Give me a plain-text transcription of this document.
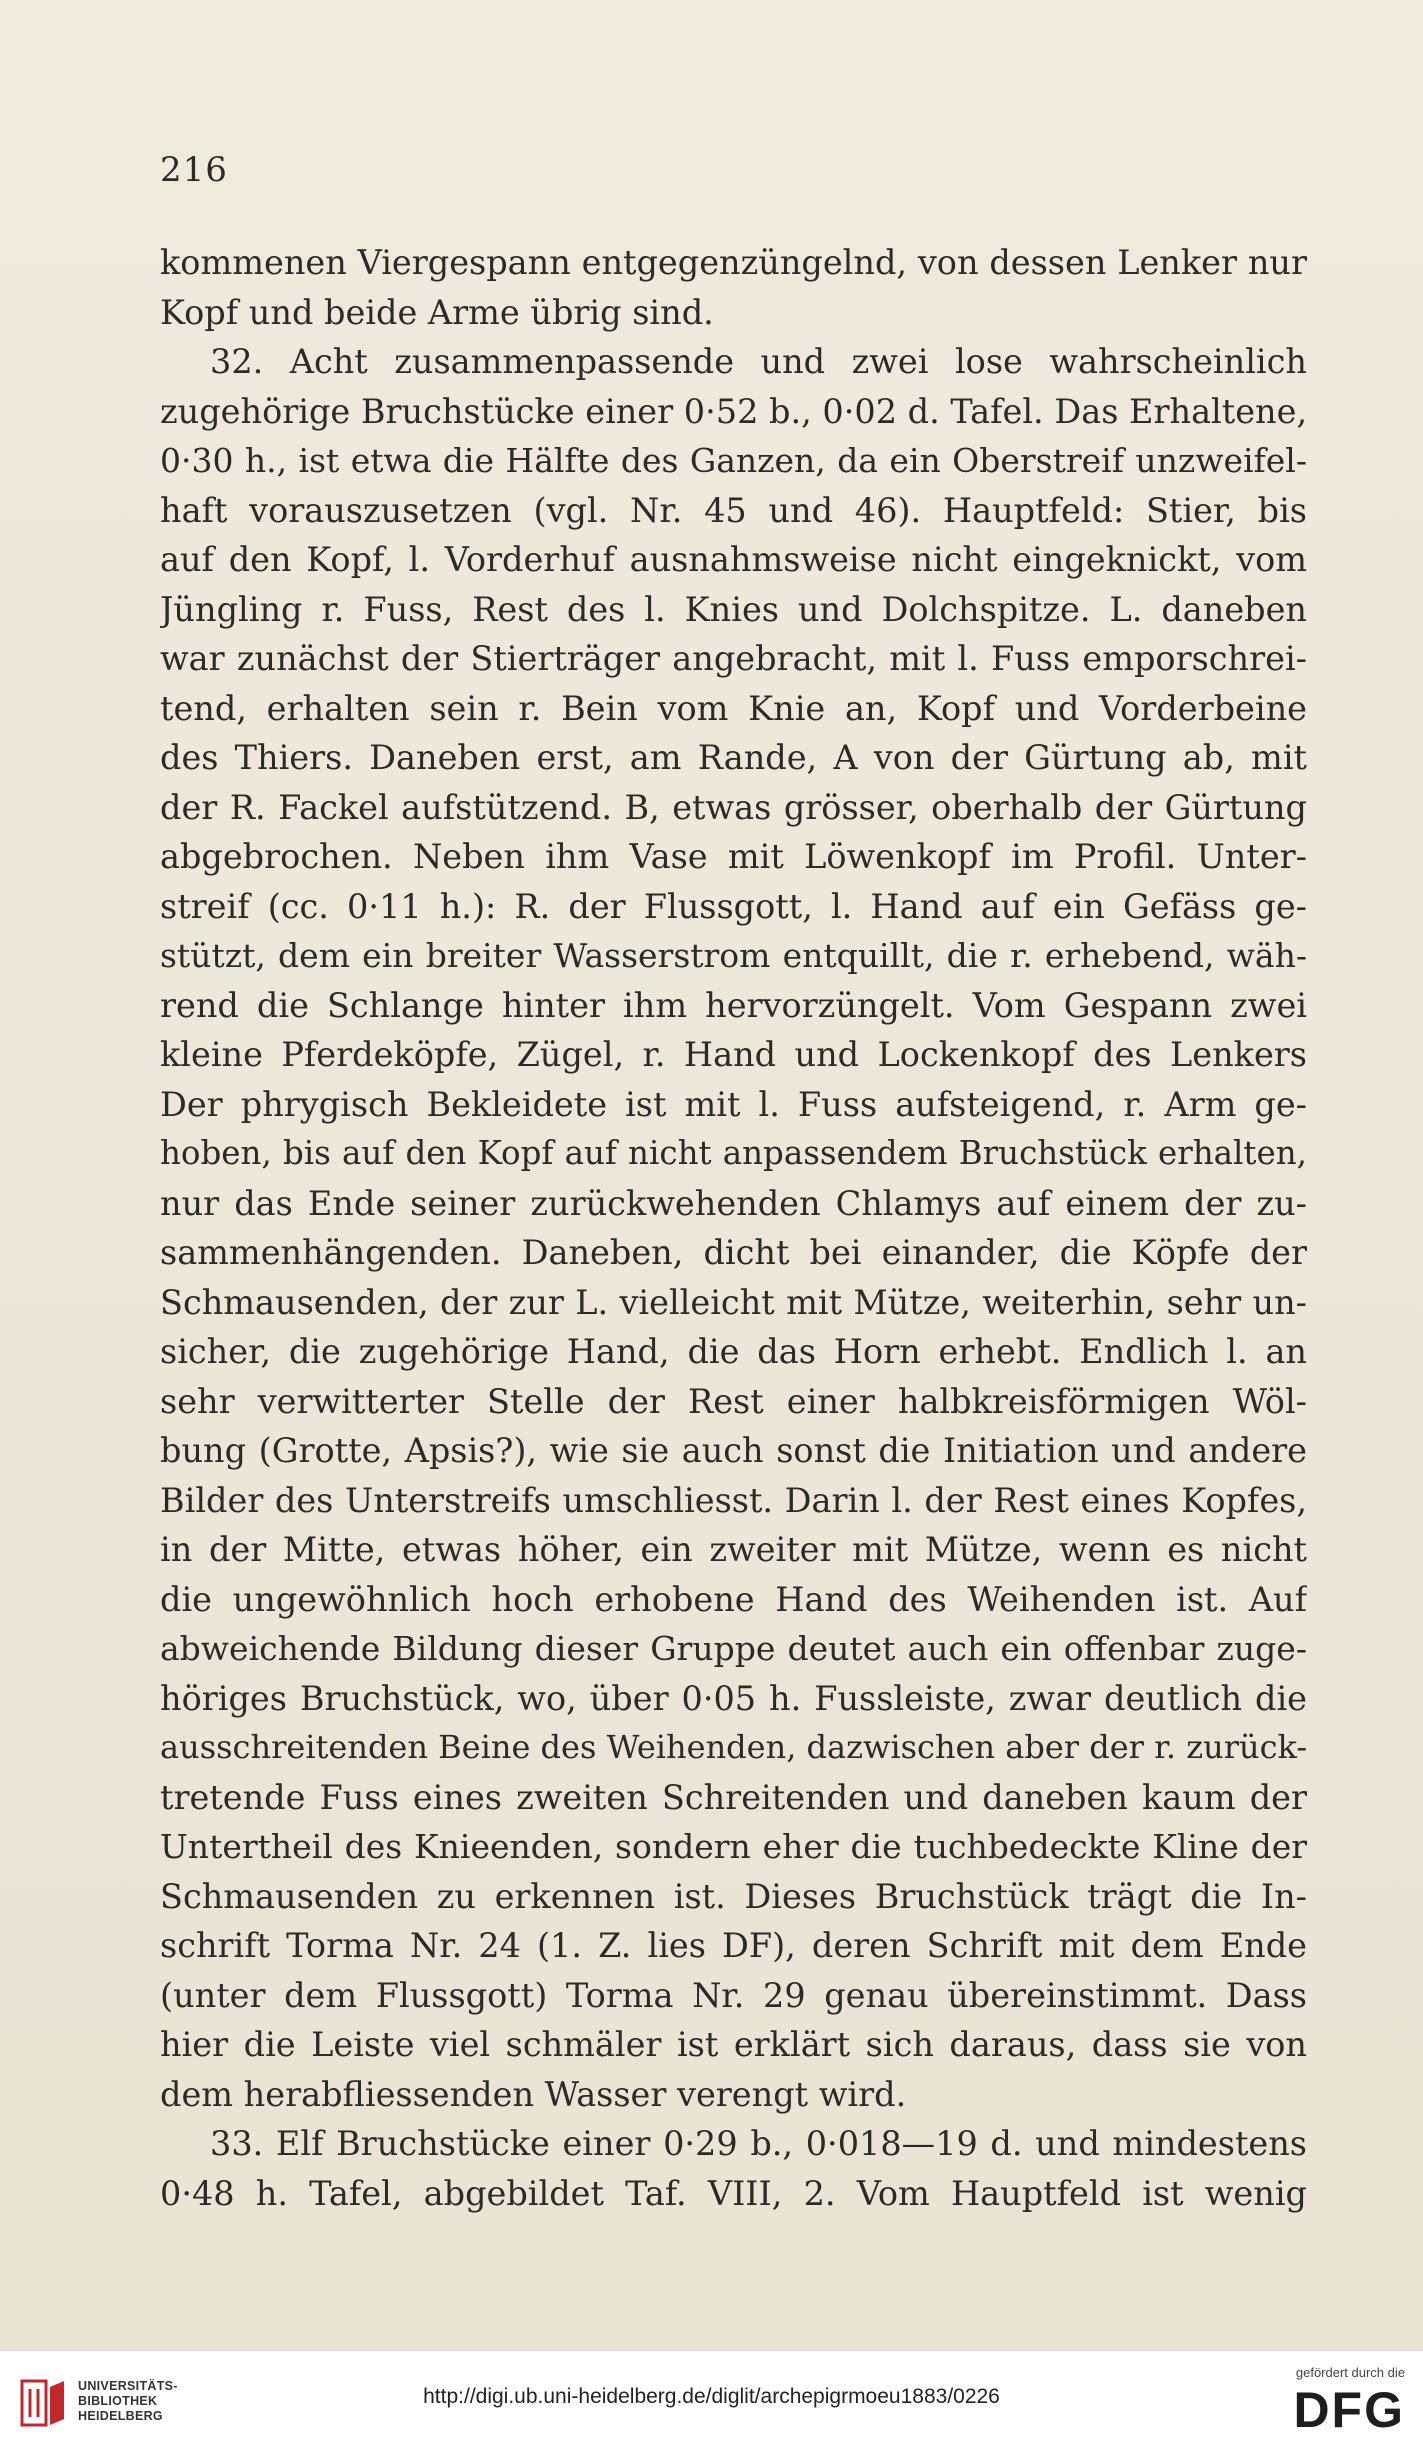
216
kommenen Viergespann entgegenzüngelnd, von dessen Lenker nur
Kopf und beide Arme übrig sind.
32. Acht zusammenpassende und zwei lose wahrscheinlich
zugehörige Bruchstücke einer 0·52 b., 0·02 d. Tafel. Das Erhaltene,
0·30 h., ist etwa die Hälfte des Ganzen, da ein Oberstreif unzweifel-
haft vorauszusetzen (vgl. Nr. 45 und 46). Hauptfeld: Stier, bis
auf den Kopf, l. Vorderhuf ausnahmsweise nicht eingeknickt, vom
Jüngling r. Fuss, Rest des l. Knies und Dolchspitze. L. daneben
war zunächst der Stierträger angebracht, mit l. Fuss emporschrei-
tend, erhalten sein r. Bein vom Knie an, Kopf und Vorderbeine
des Thiers. Daneben erst, am Rande, A von der Gürtung ab, mit
der R. Fackel aufstützend. B, etwas grösser, oberhalb der Gürtung
abgebrochen. Neben ihm Vase mit Löwenkopf im Profil. Unter-
streif (cc. 0·11 h.): R. der Flussgott, l. Hand auf ein Gefäss ge-
stützt, dem ein breiter Wasserstrom entquillt, die r. erhebend, wäh-
rend die Schlange hinter ihm hervorzüngelt. Vom Gespann zwei
kleine Pferdeköpfe, Zügel, r. Hand und Lockenkopf des Lenkers
Der phrygisch Bekleidete ist mit l. Fuss aufsteigend, r. Arm ge-
hoben, bis auf den Kopf auf nicht anpassendem Bruchstück erhalten,
nur das Ende seiner zurückwehenden Chlamys auf einem der zu-
sammenhängenden. Daneben, dicht bei einander, die Köpfe der
Schmausenden, der zur L. vielleicht mit Mütze, weiterhin, sehr un-
sicher, die zugehörige Hand, die das Horn erhebt. Endlich l. an
sehr verwitterter Stelle der Rest einer halbkreisförmigen Wöl-
bung (Grotte, Apsis?), wie sie auch sonst die Initiation und andere
Bilder des Unterstreifs umschliesst. Darin l. der Rest eines Kopfes,
in der Mitte, etwas höher, ein zweiter mit Mütze, wenn es nicht
die ungewöhnlich hoch erhobene Hand des Weihenden ist. Auf
abweichende Bildung dieser Gruppe deutet auch ein offenbar zuge-
höriges Bruchstück, wo, über 0·05 h. Fussleiste, zwar deutlich die
ausschreitenden Beine des Weihenden, dazwischen aber der r. zurück-
tretende Fuss eines zweiten Schreitenden und daneben kaum der
Untertheil des Knieenden, sondern eher die tuchbedeckte Kline der
Schmausenden zu erkennen ist. Dieses Bruchstück trägt die In-
schrift Torma Nr. 24 (1. Z. lies DF), deren Schrift mit dem Ende
(unter dem Flussgott) Torma Nr. 29 genau übereinstimmt. Dass
hier die Leiste viel schmäler ist erklärt sich daraus, dass sie von
dem herabfliessenden Wasser verengt wird.
33. Elf Bruchstücke einer 0·29 b., 0·018—19 d. und mindestens
0·48 h. Tafel, abgebildet Taf. VIII, 2. Vom Hauptfeld ist wenig
UNIVERSITÄTS-
BIBLIOTHEK
HEIDELBERG
http://digi.ub.uni-heidelberg.de/diglit/archepigrmoeu1883/0226
gefördert durch die
DFG
